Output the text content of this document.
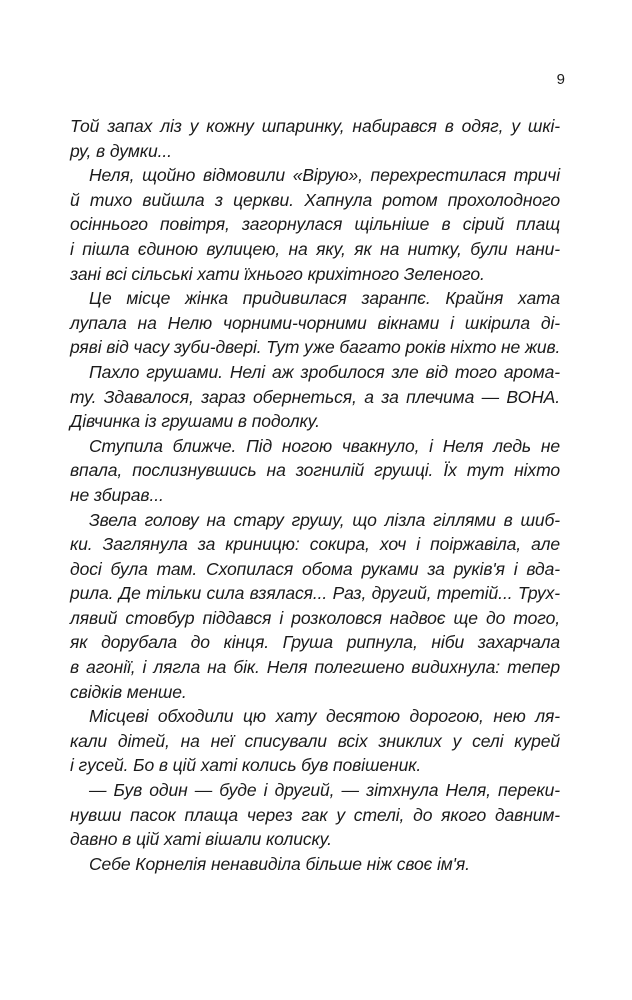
9
Той запах ліз у кожну шпаринку, набирався в одяг, у шкі-
ру, в думки...
Неля, щойно відмовили «Вірую», перехрестилася тричі
й тихо вийшла з церкви. Хапнула ротом прохолодного
осіннього повітря, загорнулася щільніше в сірий плащ
і пішла єдиною вулицею, на яку, як на нитку, були нани-
зані всі сільські хати їхнього крихітного Зеленого.
Це місце жінка придивилася заранпє. Крайня хата
лупала на Нелю чорними-чорними вікнами і шкірила ді-
ряві від часу зуби-двері. Тут уже багато років ніхто не жив.
Пахло грушами. Нелі аж зробилося зле від того арома-
ту. Здавалося, зараз обернеться, а за плечима — ВОНА.
Дівчинка із грушами в подолку.
Ступила ближче. Під ногою чвакнуло, і Неля ледь не
впала, послизнувшись на зогнилій грушці. Їх тут ніхто
не збирав...
Звела голову на стару грушу, що лізла гіллями в шиб-
ки. Заглянула за криницю: сокира, хоч і поіржавіла, але
досі була там. Схопилася обома руками за руків'я і вда-
рила. Де тільки сила взялася... Раз, другий, третій... Трух-
лявий стовбур піддався і розколовся надвоє ще до того,
як дорубала до кінця. Груша рипнула, ніби захарчала
в агонії, і лягла на бік. Неля полегшено видихнула: тепер
свідків менше.
Місцеві обходили цю хату десятою дорогою, нею ля-
кали дітей, на неї списували всіх зниклих у селі курей
і гусей. Бо в цій хаті колись був повішеник.
— Був один — буде і другий, — зітхнула Неля, переки-
нувши пасок плаща через гак у стелі, до якого давним-
давно в цій хаті вішали колиску.
Себе Корнелія ненавиділа більше ніж своє ім'я.
